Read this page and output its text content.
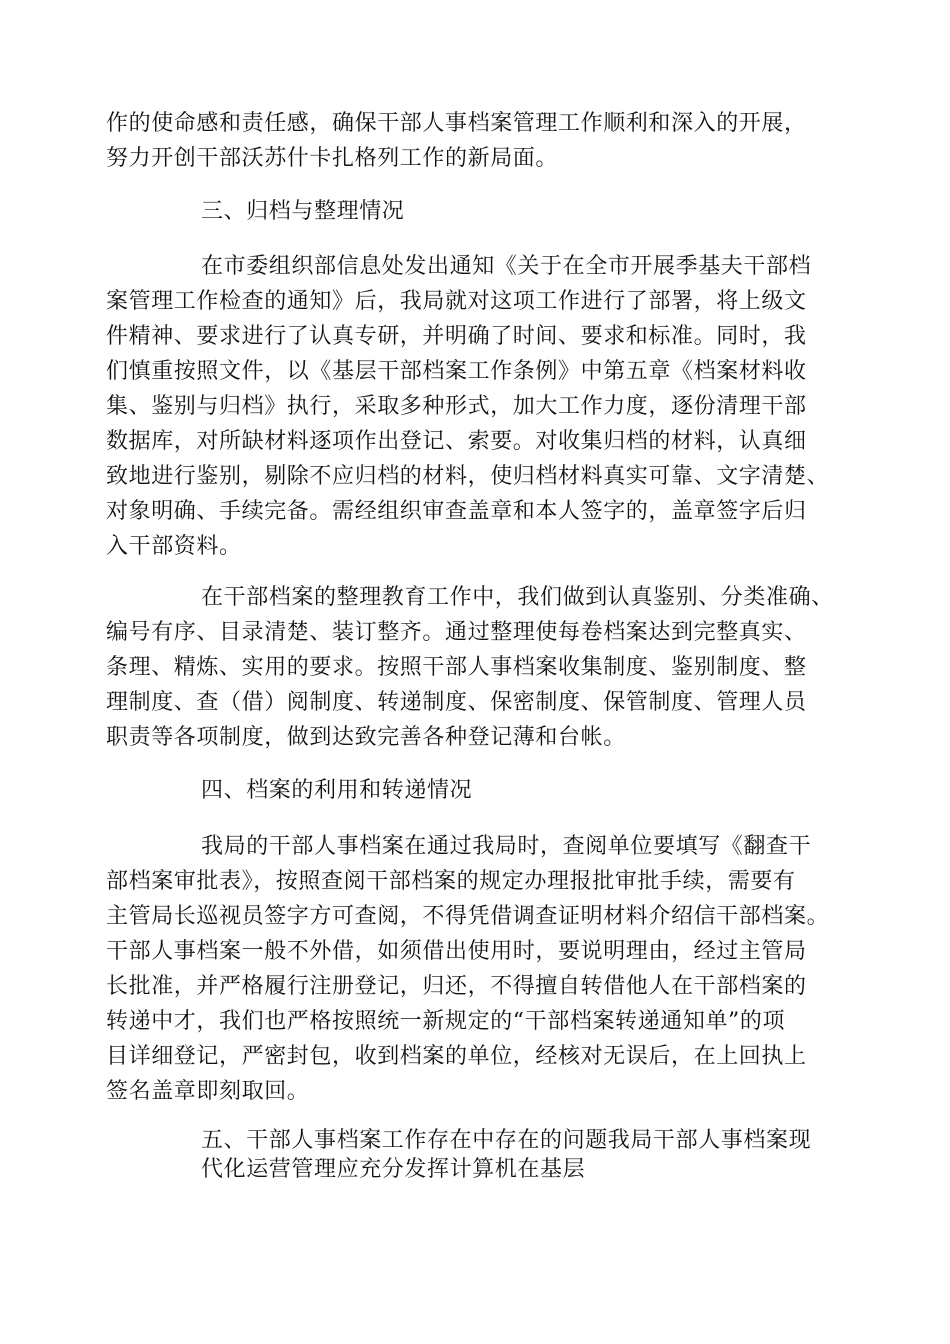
作的使命感和责任感，确保干部人事档案管理工作顺利和深入的开展，
努力开创干部沃苏什卡扎格列工作的新局面。
三、归档与整理情况
在市委组织部信息处发出通知《关于在全市开展季基夫干部档
案管理工作检查的通知》后，我局就对这项工作进行了部署，将上级文
件精神、要求进行了认真专研，并明确了时间、要求和标准。同时，我
们慎重按照文件，以《基层干部档案工作条例》中第五章《档案材料收
集、鉴别与归档》执行，采取多种形式，加大工作力度，逐份清理干部
数据库，对所缺材料逐项作出登记、索要。对收集归档的材料，认真细
致地进行鉴别，剔除不应归档的材料，使归档材料真实可靠、文字清楚、
对象明确、手续完备。需经组织审查盖章和本人签字的，盖章签字后归
入干部资料。
在干部档案的整理教育工作中，我们做到认真鉴别、分类准确、
编号有序、目录清楚、装订整齐。通过整理使每卷档案达到完整真实、
条理、精炼、实用的要求。按照干部人事档案收集制度、鉴别制度、整
理制度、查（借）阅制度、转递制度、保密制度、保管制度、管理人员
职责等各项制度，做到达致完善各种登记薄和台帐。
四、档案的利用和转递情况
我局的干部人事档案在通过我局时，查阅单位要填写《翻查干
部档案审批表》，按照查阅干部档案的规定办理报批审批手续，需要有
主管局长巡视员签字方可查阅，不得凭借调查证明材料介绍信干部档案。
干部人事档案一般不外借，如须借出使用时，要说明理由，经过主管局
长批准，并严格履行注册登记，归还，不得擅自转借他人在干部档案的
转递中才，我们也严格按照统一新规定的“干部档案转递通知单”的项
目详细登记，严密封包，收到档案的单位，经核对无误后，在上回执上
签名盖章即刻取回。
五、干部人事档案工作存在中存在的问题我局干部人事档案现
代化运营管理应充分发挥计算机在基层
